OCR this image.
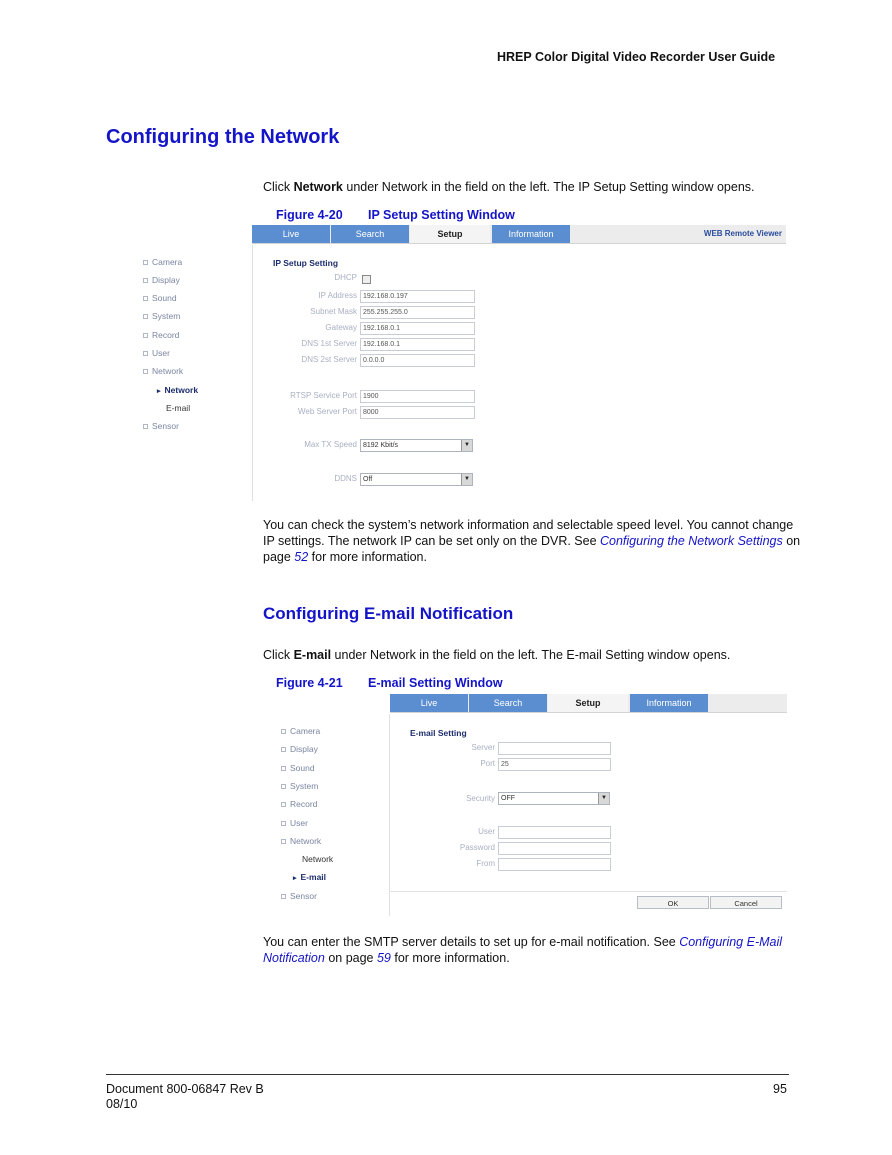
HREP Color Digital Video Recorder User Guide
Configuring the Network
Click Network under Network in the field on the left. The IP Setup Setting window opens.
Figure 4-20 IP Setup Setting Window
Live	Search	Setup	Information	WEB Remote Viewer
Camera
Display
Sound
System
Record
User
Network
▸ Network
E-mail
Sensor
IP Setup Setting
DHCP
IP Address 192.168.0.197
Subnet Mask 255.255.255.0
Gateway 192.168.0.1
DNS 1st Server 192.168.0.1
DNS 2st Server 0.0.0.0
RTSP Service Port 1900
Web Server Port 8000
Max TX Speed 8192 Kbit/s	▼
DDNS Off	▼
You can check the system’s network information and selectable speed level. You cannot change IP settings. The network IP can be set only on the DVR. See Configuring the Network Settings on page 52 for more information.
Configuring E-mail Notification
Click E-mail under Network in the field on the left. The E-mail Setting window opens.
Figure 4-21 E-mail Setting Window
Live	Search	Setup	Information
Camera
Display
Sound
System
Record
User
Network
Network
▸ E-mail
Sensor
E-mail Setting
Server
Port 25
Security OFF	▼
User
Password
From
OK	Cancel
You can enter the SMTP server details to set up for e-mail notification. See Configuring E-Mail Notification on page 59 for more information.
Document 800-06847 Rev B
08/10
95
